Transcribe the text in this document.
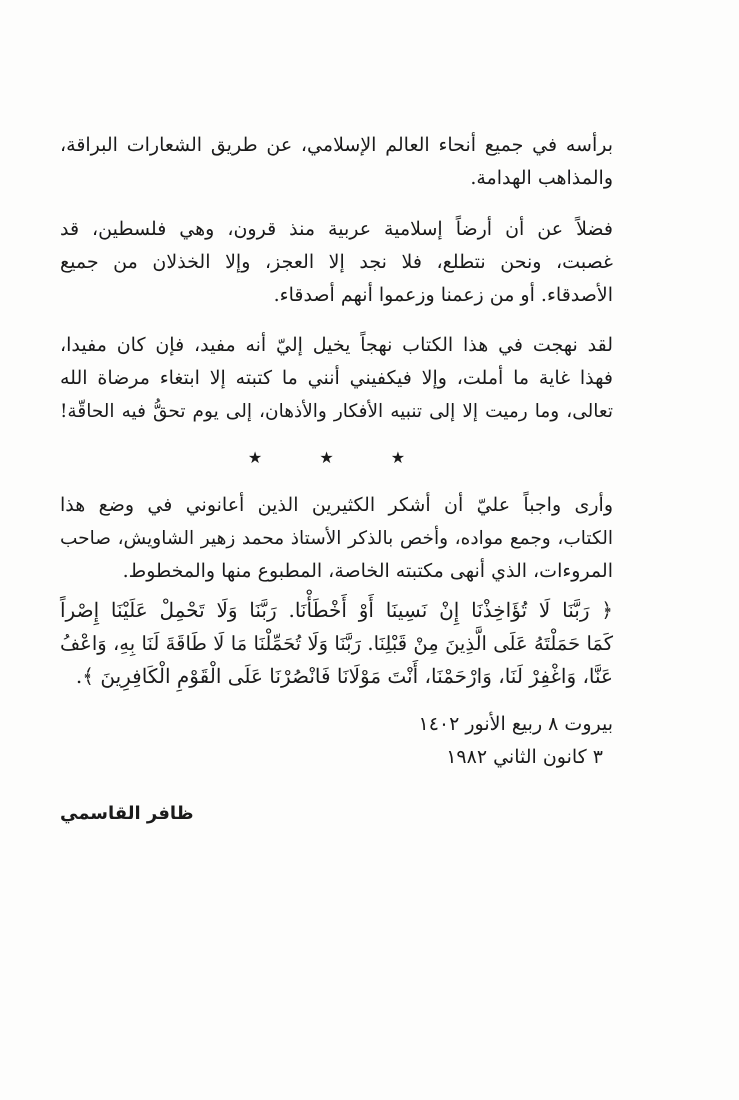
برأسه في جميع أنحاء العالم الإسلامي، عن طريق الشعارات البراقة،
والمذاهب الهدامة.
فضلاً عن أن أرضاً إسلامية عربية منذ قرون، وهي فلسطين، قد
غصبت، ونحن نتطلع، فلا نجد إلا العجز، وإلا الخذلان من جميع
الأصدقاء. أو من زعمنا وزعموا أنهم أصدقاء.
لقد نهجت في هذا الكتاب نهجاً يخيل إليّ أنه مفيد، فإن كان مفيدا،
فهذا غاية ما أملت، وإلا فيكفيني أنني ما كتبته إلا ابتغاء مرضاة الله
تعالى، وما رميت إلا إلى تنبيه الأفكار والأذهان، إلى يوم تحقُّ فيه الحاقّة!
★ ★ ★
وأرى واجباً عليّ أن أشكر الكثيرين الذين أعانوني في وضع هذا
الكتاب، وجمع مواده، وأخص بالذكر الأستاذ محمد زهير الشاويش، صاحب
المروءات، الذي أنهى مكتبته الخاصة، المطبوع منها والمخطوط.
﴿ رَبَّنَا لَا تُؤَاخِذْنَا إِنْ نَسِينَا أَوْ أَخْطَأْنَا. رَبَّنَا وَلَا تَحْمِلْ عَلَيْنَا إِصْراً
كَمَا حَمَلْتَهُ عَلَى الَّذِينَ مِنْ قَبْلِنَا. رَبَّنَا وَلَا تُحَمِّلْنَا مَا لَا طَاقَةَ لَنَا بِهِ، وَاعْفُ
عَنَّا، وَاغْفِرْ لَنَا، وَارْحَمْنَا، أَنْتَ مَوْلَانَا فَانْصُرْنَا عَلَى الْقَوْمِ الْكَافِرِينَ ﴾.
بيروت ٨ ربيع الأنور ١٤٠٢
٣ كانون الثاني ١٩٨٢
ظافر القاسمي
